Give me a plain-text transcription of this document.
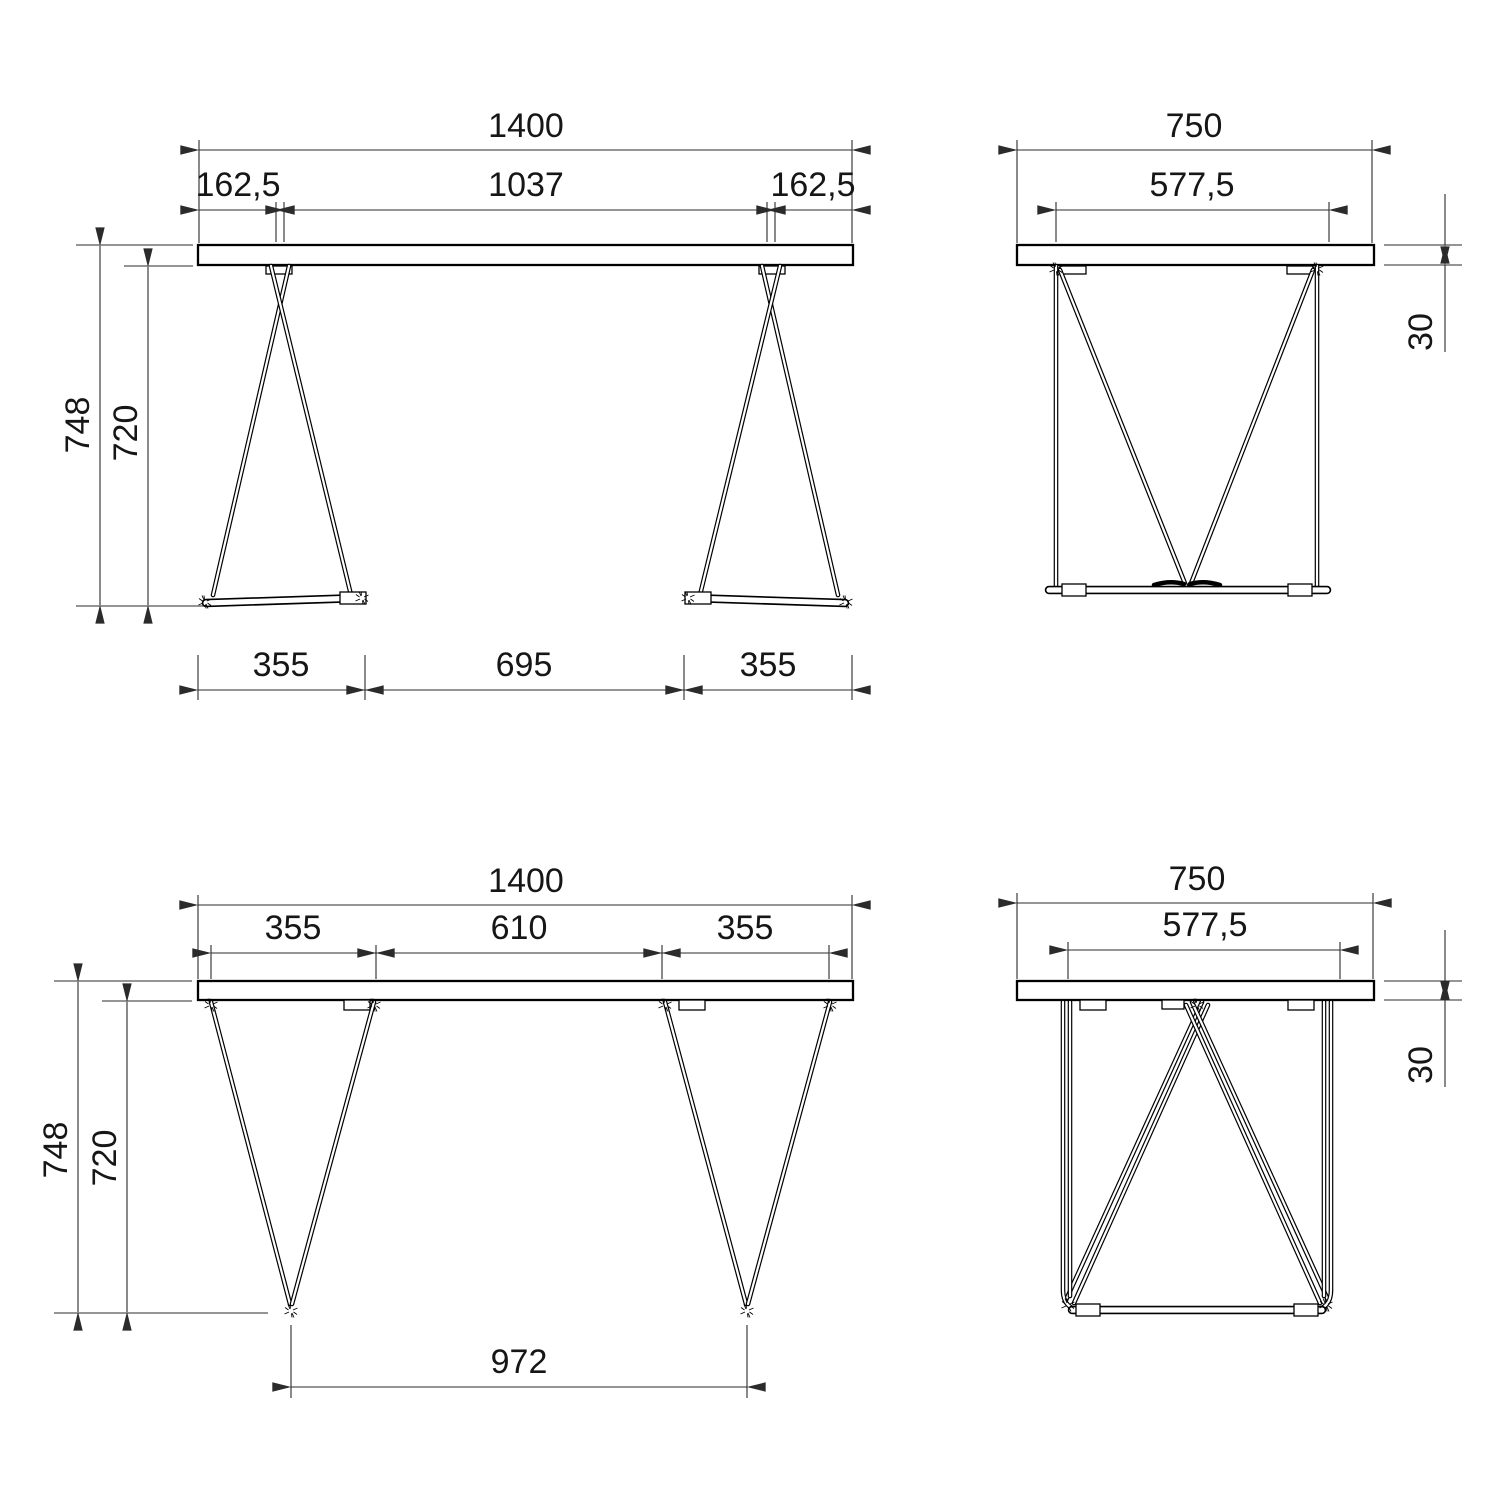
1400
162,5	1037	162,5
748 720
355	695	355
750
577,5
30
1400
355	610	355
748 720
972
750
577,5
30
